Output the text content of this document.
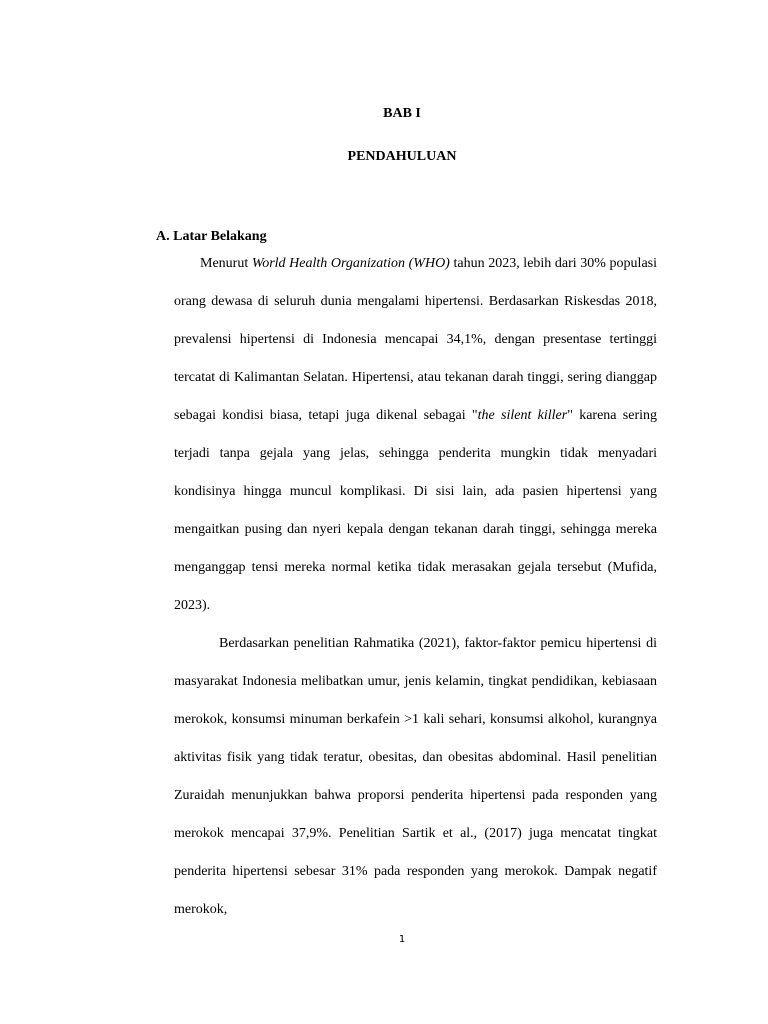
BAB I
PENDAHULUAN
A. Latar Belakang

Menurut World Health Organization (WHO) tahun 2023, lebih dari 30% populasi orang dewasa di seluruh dunia mengalami hipertensi. Berdasarkan Riskesdas 2018, prevalensi hipertensi di Indonesia mencapai 34,1%, dengan presentase tertinggi tercatat di Kalimantan Selatan. Hipertensi, atau tekanan darah tinggi, sering dianggap sebagai kondisi biasa, tetapi juga dikenal sebagai "the silent killer" karena sering terjadi tanpa gejala yang jelas, sehingga penderita mungkin tidak menyadari kondisinya hingga muncul komplikasi. Di sisi lain, ada pasien hipertensi yang mengaitkan pusing dan nyeri kepala dengan tekanan darah tinggi, sehingga mereka menganggap tensi mereka normal ketika tidak merasakan gejala tersebut (Mufida, 2023).

Berdasarkan penelitian Rahmatika (2021), faktor-faktor pemicu hipertensi di masyarakat Indonesia melibatkan umur, jenis kelamin, tingkat pendidikan, kebiasaan merokok, konsumsi minuman berkafein >1 kali sehari, konsumsi alkohol, kurangnya aktivitas fisik yang tidak teratur, obesitas, dan obesitas abdominal. Hasil penelitian Zuraidah menunjukkan bahwa proporsi penderita hipertensi pada responden yang merokok mencapai 37,9%. Penelitian Sartik et al., (2017) juga mencatat tingkat penderita hipertensi sebesar 31% pada responden yang merokok. Dampak negatif merokok,

1
